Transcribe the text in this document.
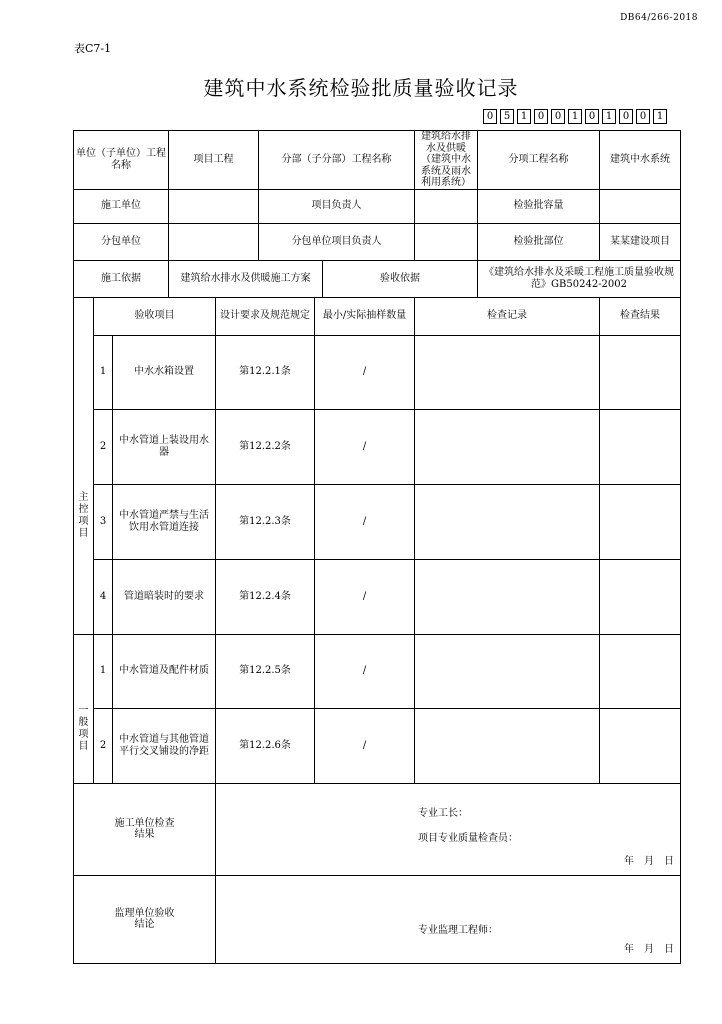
DB64/266-2018
表C7-1
建筑中水系统检验批质量验收记录
0	5	1	0	0	1	0	1	0	0	1
单位（子单位）工程名称			项目工程		分部（子分部）工程名称			建筑给水排水及供暖（建筑中水系统及雨水利用系统）	分项工程名称	建筑中水系统
施工单位					项目负责人				检验批容量	
分包单位					分包单位项目负责人				检验批部位	某某建设项目
施工依据			建筑给水排水及供暖施工方案				验收依据		《建筑给水排水及采暖工程施工质量验收规范》GB50242-2002	

主控项目	验收项目			设计要求及规范规定		最小/实际抽样数量		检查记录		检查结果
	1	中水水箱设置		第12.2.1条		/				
	2	中水管道上装设用水器		第12.2.2条		/				
	3	中水管道严禁与生活饮用水管道连接		第12.2.3条		/				
	4	管道暗装时的要求		第12.2.4条		/				

一般项目	1	中水管道及配件材质		第12.2.5条		/				
	2	中水管道与其他管道平行交叉铺设的净距		第12.2.6条		/				

施工单位检查结果				专业工长：
项目专业质量检查员：
年　月　日						

监理单位验收结论				专业监理工程师：
年　月　日						
